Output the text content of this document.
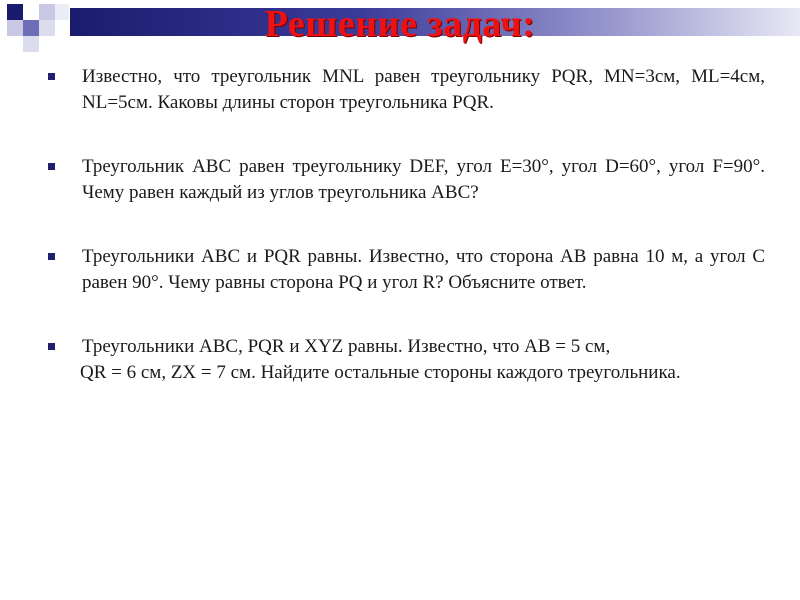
Решение задач:
Известно, что треугольник MNL равен треугольнику PQR, MN=3см, ML=4см, NL=5см. Каковы длины сторон треугольника PQR.
Треугольник ABC равен треугольнику DEF, угол E=30°, угол D=60°, угол F=90°. Чему равен каждый из углов треугольника ABC?
Треугольники ABC и PQR равны. Известно, что сторона AB равна 10 м, а угол C равен 90°. Чему равны сторона PQ и угол R? Объясните ответ.
Треугольники ABC, PQR и XYZ равны. Известно, что AB = 5 см,
QR = 6 см, ZX = 7 см. Найдите остальные стороны каждого треугольника.
